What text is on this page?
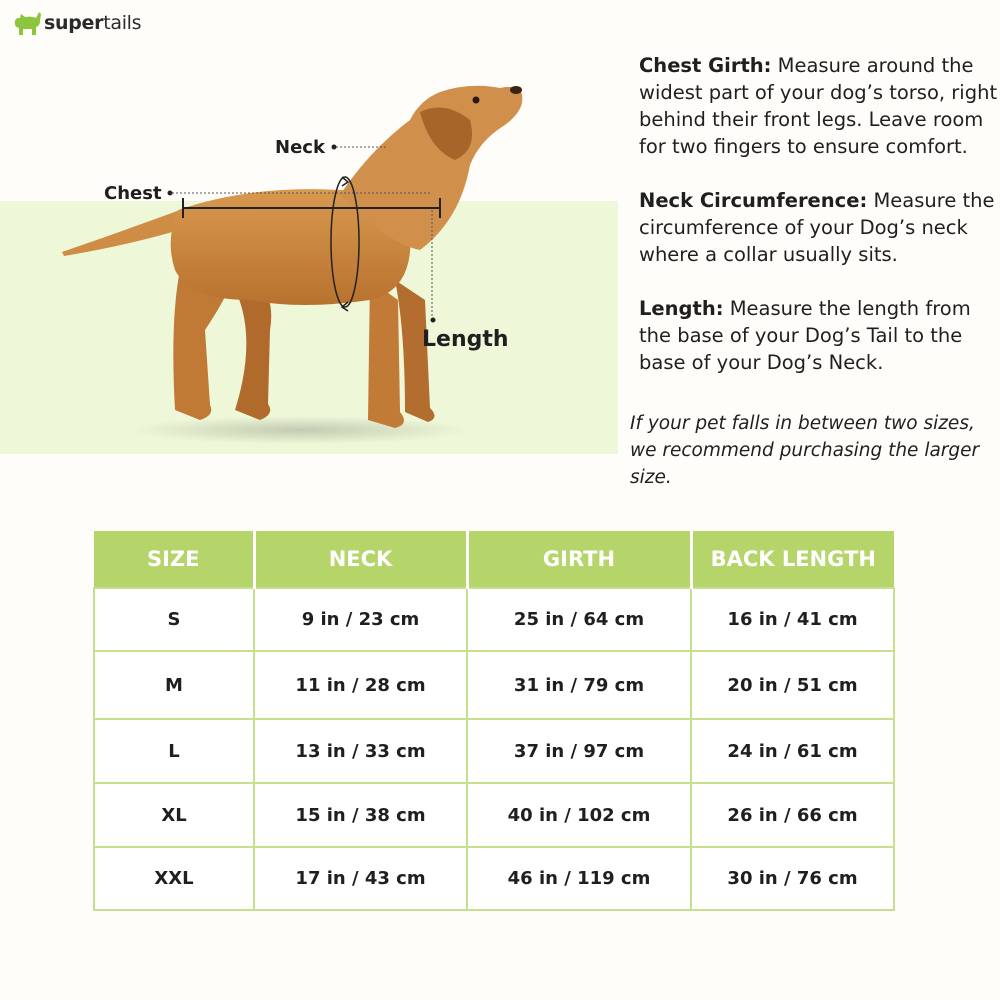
supertails
Neck
Chest
Length

Chest Girth: Measure around the widest part of your dog’s torso, right behind their front legs. Leave room for two fingers to ensure comfort.

Neck Circumference: Measure the circumference of your Dog’s neck where a collar usually sits.

Length: Measure the length from the base of your Dog’s Tail to the base of your Dog’s Neck.

If your pet falls in between two sizes, we recommend purchasing the larger size.
SIZE	NECK	GIRTH	BACK LENGTH
S	9 in / 23 cm	25 in / 64 cm	16 in / 41 cm
M	11 in / 28 cm	31 in / 79 cm	20 in / 51 cm
L	13 in / 33 cm	37 in / 97 cm	24 in / 61 cm
XL	15 in / 38 cm	40 in / 102 cm	26 in / 66 cm
XXL	17 in / 43 cm	46 in / 119 cm	30 in / 76 cm
